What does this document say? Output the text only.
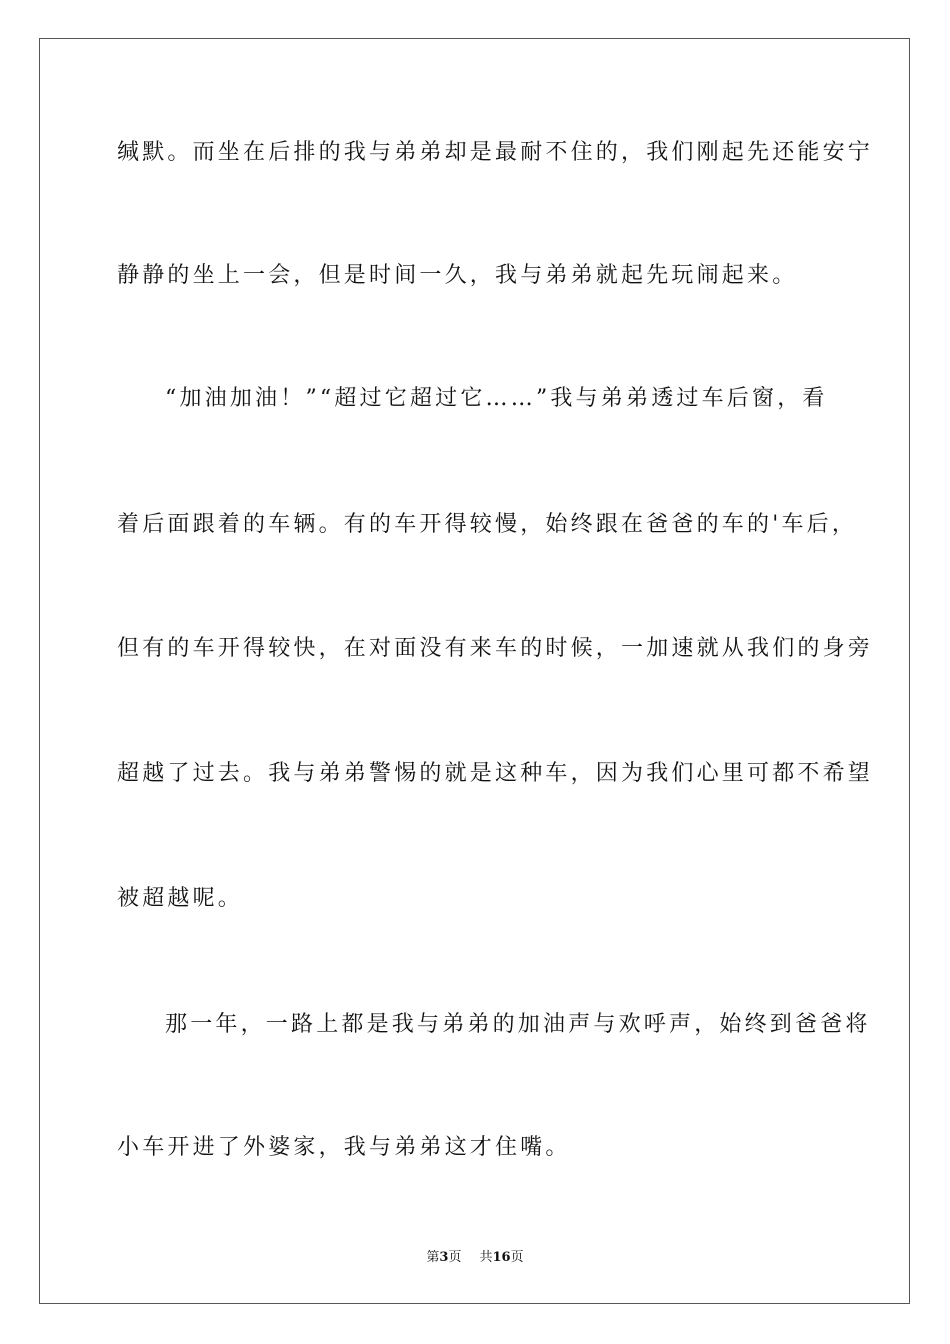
缄默。而坐在后排的我与弟弟却是最耐不住的，我们刚起先还能安宁
静静的坐上一会，但是时间一久，我与弟弟就起先玩闹起来。
“加油加油！”“超过它超过它……”我与弟弟透过车后窗，看
着后面跟着的车辆。有的车开得较慢，始终跟在爸爸的车的'车后，
但有的车开得较快，在对面没有来车的时候，一加速就从我们的身旁
超越了过去。我与弟弟警惕的就是这种车，因为我们心里可都不希望
被超越呢。
那一年，一路上都是我与弟弟的加油声与欢呼声，始终到爸爸将
小车开进了外婆家，我与弟弟这才住嘴。
第3页 共16页
